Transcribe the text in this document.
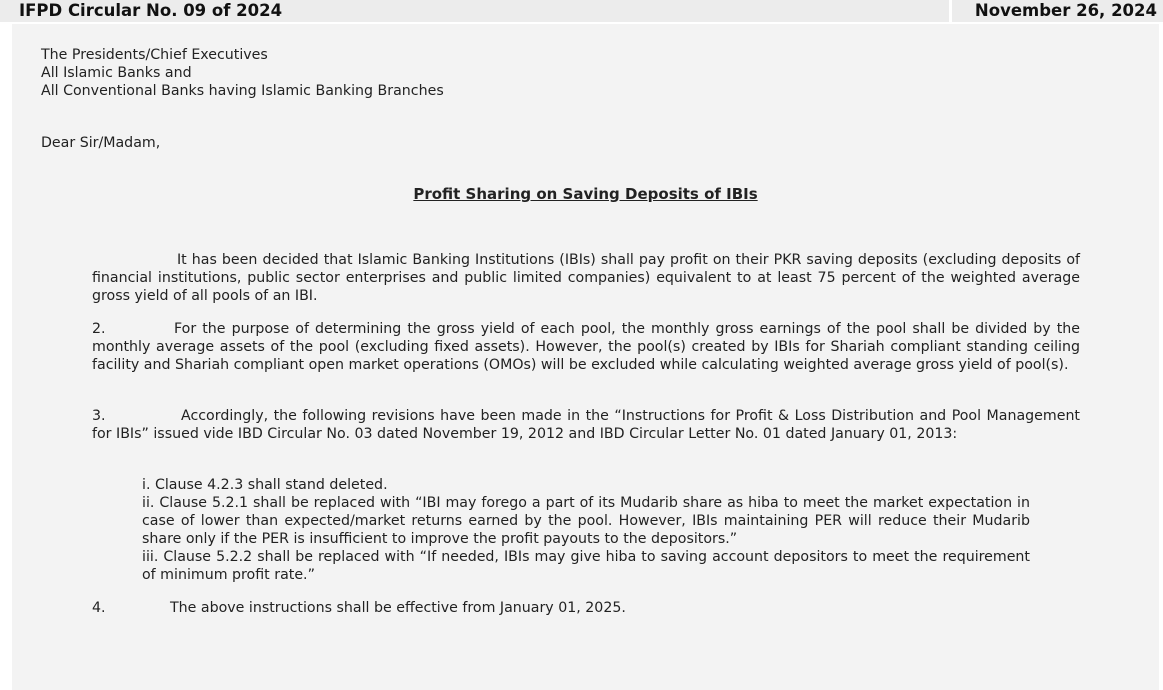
IFPD Circular No. 09 of 2024	November 26, 2024
The Presidents/Chief Executives
All Islamic Banks and
All Conventional Banks having Islamic Banking Branches
Dear Sir/Madam,
Profit Sharing on Saving Deposits of IBIs
It has been decided that Islamic Banking Institutions (IBIs) shall pay profit on their PKR saving deposits (excluding deposits of financial institutions, public sector enterprises and public limited companies) equivalent to at least 75 percent of the weighted average gross yield of all pools of an IBI.
2.	For the purpose of determining the gross yield of each pool, the monthly gross earnings of the pool shall be divided by the monthly average assets of the pool (excluding fixed assets). However, the pool(s) created by IBIs for Shariah compliant standing ceiling facility and Shariah compliant open market operations (OMOs) will be excluded while calculating weighted average gross yield of pool(s).
3.	Accordingly, the following revisions have been made in the “Instructions for Profit & Loss Distribution and Pool Management for IBIs” issued vide IBD Circular No. 03 dated November 19, 2012 and IBD Circular Letter No. 01 dated January 01, 2013:
i. Clause 4.2.3 shall stand deleted.
ii. Clause 5.2.1 shall be replaced with “IBI may forego a part of its Mudarib share as hiba to meet the market expectation in case of lower than expected/market returns earned by the pool. However, IBIs maintaining PER will reduce their Mudarib share only if the PER is insufficient to improve the profit payouts to the depositors.”
iii. Clause 5.2.2 shall be replaced with “If needed, IBIs may give hiba to saving account depositors to meet the requirement of minimum profit rate.”
4.	The above instructions shall be effective from January 01, 2025.
